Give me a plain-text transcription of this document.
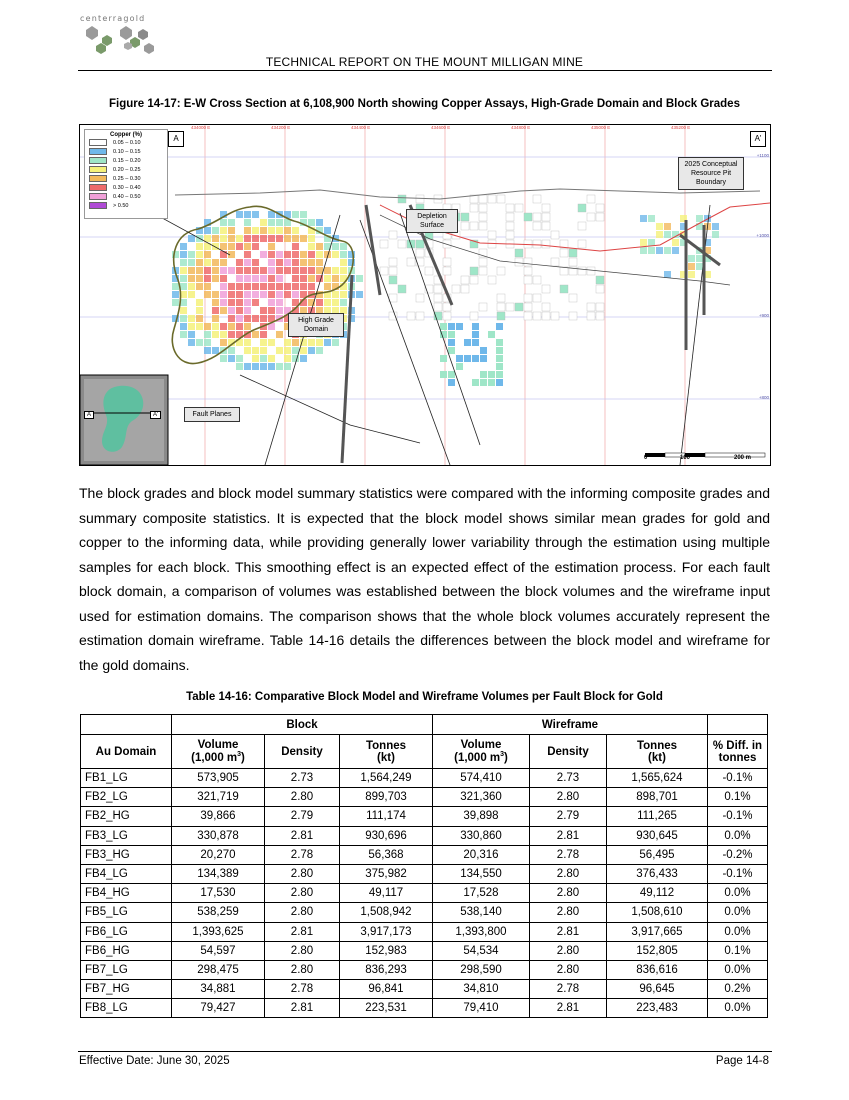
centerragold
TECHNICAL REPORT ON THE MOUNT MILLIGAN MINE
Figure 14-17: E-W Cross Section at 6,108,900 North showing Copper Assays, High-Grade Domain and Block Grades
Copper (%)
0.05 – 0.10
0.10 – 0.15
0.15 – 0.20
0.20 – 0.25
0.25 – 0.30
0.30 – 0.40
0.40 – 0.50
> 0.50
A	A'
Depletion Surface
High Grade Domain
2025 Conceptual Resource Pit Boundary
Fault Planes
A	A'
0	100	200 m
434000 E	434200 E	434400 E	434600 E	434800 E	435000 E	435200 E
+1100
+1000
+900
+800
The block grades and block model summary statistics were compared with the informing composite grades and summary composite statistics. It is expected that the block model shows similar mean grades for gold and copper to the informing data, while providing generally lower variability through the estimation using multiple samples for each block. This smoothing effect is an expected effect of the estimation process. For each fault block domain, a comparison of volumes was established between the block volumes and the wireframe input used for estimation domains. The comparison shows that the whole block volumes accurately represent the estimation domain wireframe. Table 14-16 details the differences between the block model and wireframe for the gold domains.
Table 14-16: Comparative Block Model and Wireframe Volumes per Fault Block for Gold
	Block			Wireframe			
Au Domain	Volume
(1,000 $m^3$)	Density	Tonnes
(kt)	Volume
(1,000 $m^3$)	Density	Tonnes
(kt)	% Diff. in
tonnes
FB1_LG	573,905	2.73	1,564,249	574,410	2.73	1,565,624	-0.1%
FB2_LG	321,719	2.80	899,703	321,360	2.80	898,701	0.1%
FB2_HG	39,866	2.79	111,174	39,898	2.79	111,265	-0.1%
FB3_LG	330,878	2.81	930,696	330,860	2.81	930,645	0.0%
FB3_HG	20,270	2.78	56,368	20,316	2.78	56,495	-0.2%
FB4_LG	134,389	2.80	375,982	134,550	2.80	376,433	-0.1%
FB4_HG	17,530	2.80	49,117	17,528	2.80	49,112	0.0%
FB5_LG	538,259	2.80	1,508,942	538,140	2.80	1,508,610	0.0%
FB6_LG	1,393,625	2.81	3,917,173	1,393,800	2.81	3,917,665	0.0%
FB6_HG	54,597	2.80	152,983	54,534	2.80	152,805	0.1%
FB7_LG	298,475	2.80	836,293	298,590	2.80	836,616	0.0%
FB7_HG	34,881	2.78	96,841	34,810	2.78	96,645	0.2%
FB8_LG	79,427	2.81	223,531	79,410	2.81	223,483	0.0%
Effective Date: June 30, 2025	Page 14-8
